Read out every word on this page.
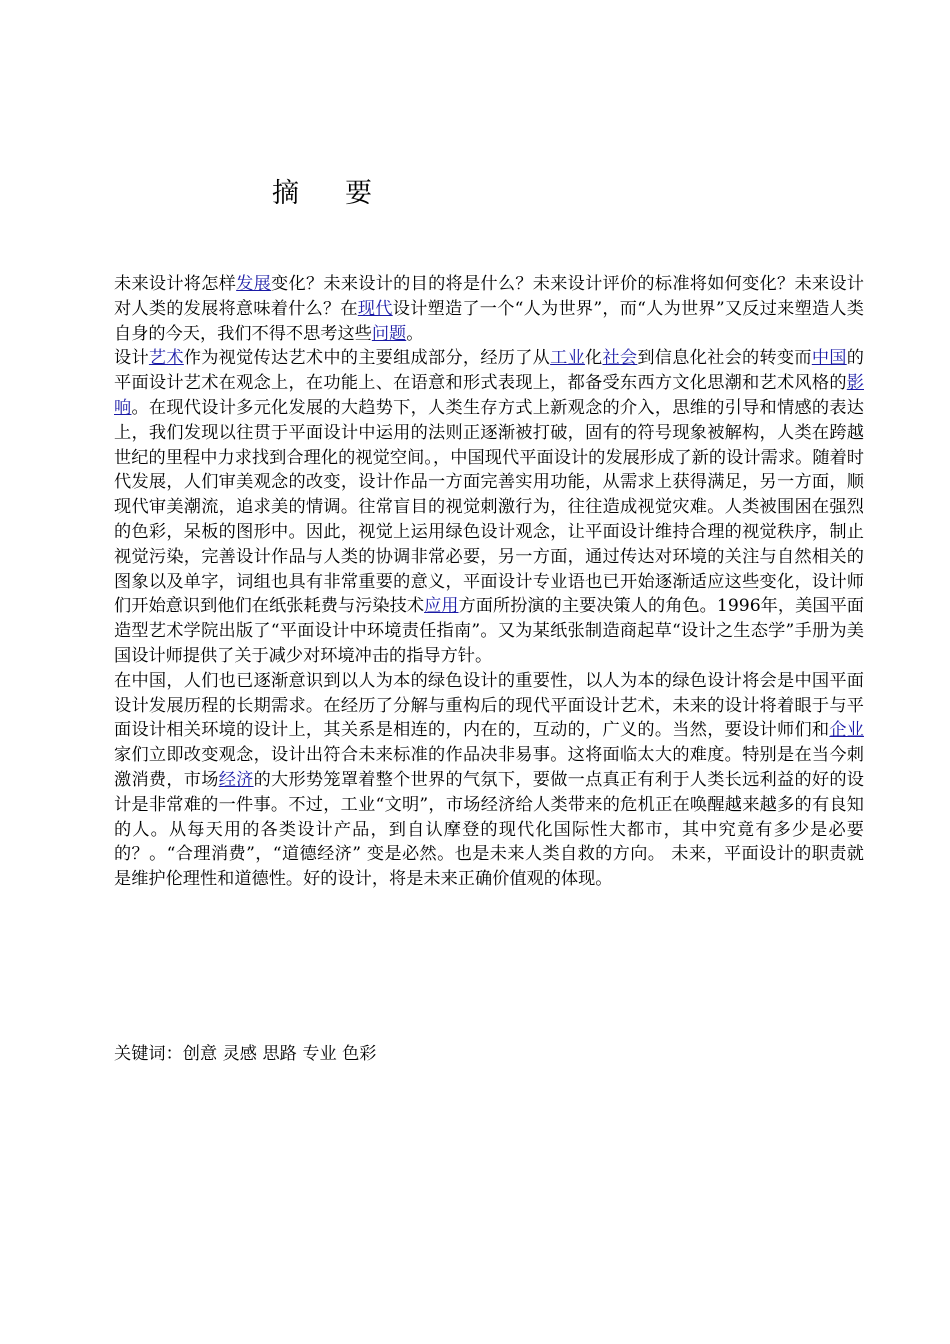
摘 要

未来设计将怎样发展变化？未来设计的目的将是什么？未来设计评价的标准将如何变化？未来设计对人类的发展将意味着什么？在现代设计塑造了一个“人为世界”，而“人为世界”又反过来塑造人类自身的今天，我们不得不思考这些问题。

设计艺术作为视觉传达艺术中的主要组成部分，经历了从工业化社会到信息化社会的转变而中国的平面设计艺术在观念上，在功能上、在语意和形式表现上，都备受东西方文化思潮和艺术风格的影响。在现代设计多元化发展的大趋势下，人类生存方式上新观念的介入，思维的引导和情感的表达上，我们发现以往贯于平面设计中运用的法则正逐渐被打破，固有的符号现象被解构，人类在跨越世纪的里程中力求找到合理化的视觉空间。，中国现代平面设计的发展形成了新的设计需求。随着时代发展，人们审美观念的改变，设计作品一方面完善实用功能，从需求上获得满足，另一方面，顺现代审美潮流，追求美的情调。往常盲目的视觉刺激行为，往往造成视觉灾难。人类被围困在强烈的色彩，呆板的图形中。因此，视觉上运用绿色设计观念，让平面设计维持合理的视觉秩序，制止视觉污染，完善设计作品与人类的协调非常必要，另一方面，通过传达对环境的关注与自然相关的图象以及单字，词组也具有非常重要的意义，平面设计专业语也已开始逐渐适应这些变化，设计师们开始意识到他们在纸张耗费与污染技术应用方面所扮演的主要决策人的角色。1996年，美国平面造型艺术学院出版了“平面设计中环境责任指南”。又为某纸张制造商起草“设计之生态学”手册为美国设计师提供了关于减少对环境冲击的指导方针。

在中国，人们也已逐渐意识到以人为本的绿色设计的重要性，以人为本的绿色设计将会是中国平面设计发展历程的长期需求。在经历了分解与重构后的现代平面设计艺术，未来的设计将着眼于与平面设计相关环境的设计上，其关系是相连的，内在的，互动的，广义的。当然，要设计师们和企业家们立即改变观念，设计出符合未来标准的作品决非易事。这将面临太大的难度。特别是在当今刺激消费，市场经济的大形势笼罩着整个世界的气氛下，要做一点真正有利于人类长远利益的好的设计是非常难的一件事。不过，工业“文明”，市场经济给人类带来的危机正在唤醒越来越多的有良知的人。从每天用的各类设计产品，到自认摩登的现代化国际性大都市，其中究竟有多少是必要的？。“合理消费”，“道德经济” 变是必然。也是未来人类自救的方向。 未来，平面设计的职责就是维护伦理性和道德性。好的设计，将是未来正确价值观的体现。

关键词：创意 灵感 思路 专业 色彩
